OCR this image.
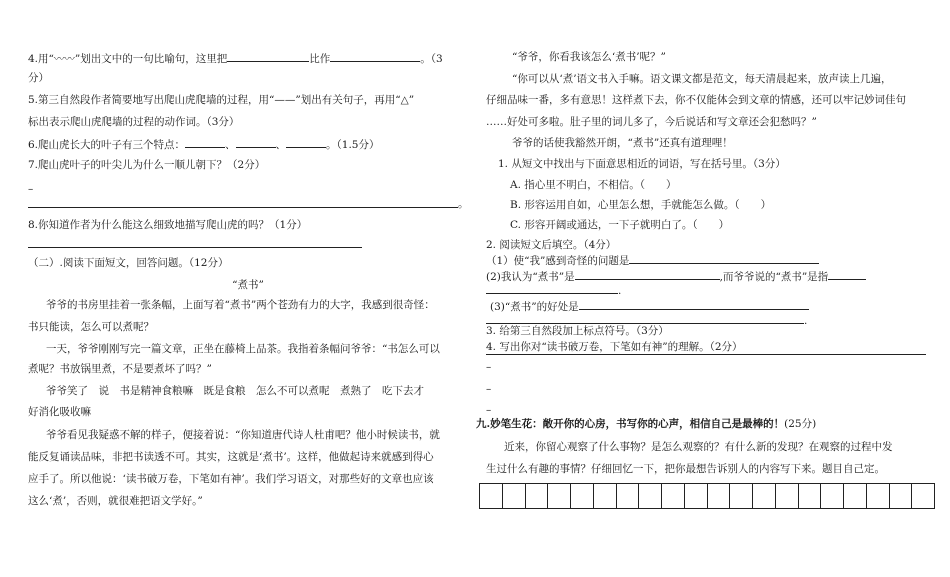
4.用“〰〰”划出文中的一句比喻句，这里把	比作	。（3
分）
5.第三自然段作者简要地写出爬山虎爬墙的过程，用“——”划出有关句子，再用“△”
标出表示爬山虎爬墙的过程的动作词。（3分）
6.爬山虎长大的叶子有三个特点：	、	、	。（1.5分）
7.爬山虎叶子的叶尖儿为什么一顺儿朝下？（2分）
–
。
8.你知道作者为什么能这么细致地描写爬山虎的吗？（1分）
（二）.阅读下面短文，回答问题。（12分）
“煮书”
爷爷的书房里挂着一张条幅，上面写着“煮书”两个苍劲有力的大字，我感到很奇怪：
书只能读，怎么可以煮呢？
一天，爷爷刚刚写完一篇文章，正坐在藤椅上品茶。我指着条幅问爷爷：“书怎么可以
煮呢？书放锅里煮，不是要煮坏了吗？”
爷爷笑了　说　书是精神食粮嘛　既是食粮　怎么不可以煮呢　煮熟了　吃下去才
好消化吸收嘛
爷爷看见我疑惑不解的样子，便接着说：“你知道唐代诗人杜甫吧？他小时候读书，就
能反复诵读品味，非把书读透不可。其实，这就是‘煮书’。这样，他做起诗来就感到得心
应手了。所以他说：‘读书破万卷，下笔如有神’。我们学习语文，对那些好的文章也应该
这么‘煮’，否则，就很难把语文学好。”
“爷爷，你看我该怎么‘煮书’呢？”
“你可以从‘煮’语文书入手嘛。语文课文都是范文，每天清晨起来，放声读上几遍，
仔细品味一番，多有意思！这样煮下去，你不仅能体会到文章的情感，还可以牢记妙词佳句
……好处可多啦。肚子里的词儿多了，今后说话和写文章还会犯愁吗？”
爷爷的话使我豁然开朗，“煮书”还真有道理哩！
1. 从短文中找出与下面意思相近的词语，写在括号里。（3分）
A. 指心里不明白，不相信。（　　）
B. 形容运用自如，心里怎么想，手就能怎么做。（　　）
C. 形容开阔或通达，一下子就明白了。（　　）
2. 阅读短文后填空。（4分）
（1）使“我”感到奇怪的问题是
(2)我认为“煮书”是	,而爷爷说的“煮书”是指
.
(3)“煮书”的好处是
.
3. 给第三自然段加上标点符号。（3分）
4. 写出你对“读书破万卷，下笔如有神”的理解。（2分）
–
–
–
九.妙笔生花：敞开你的心房，书写你的心声，相信自己是最棒的！(25分)
近来，你留心观察了什么事物？是怎么观察的？有什么新的发现？在观察的过程中发
生过什么有趣的事情？仔细回忆一下，把你最想告诉别人的内容写下来。题目自己定。
